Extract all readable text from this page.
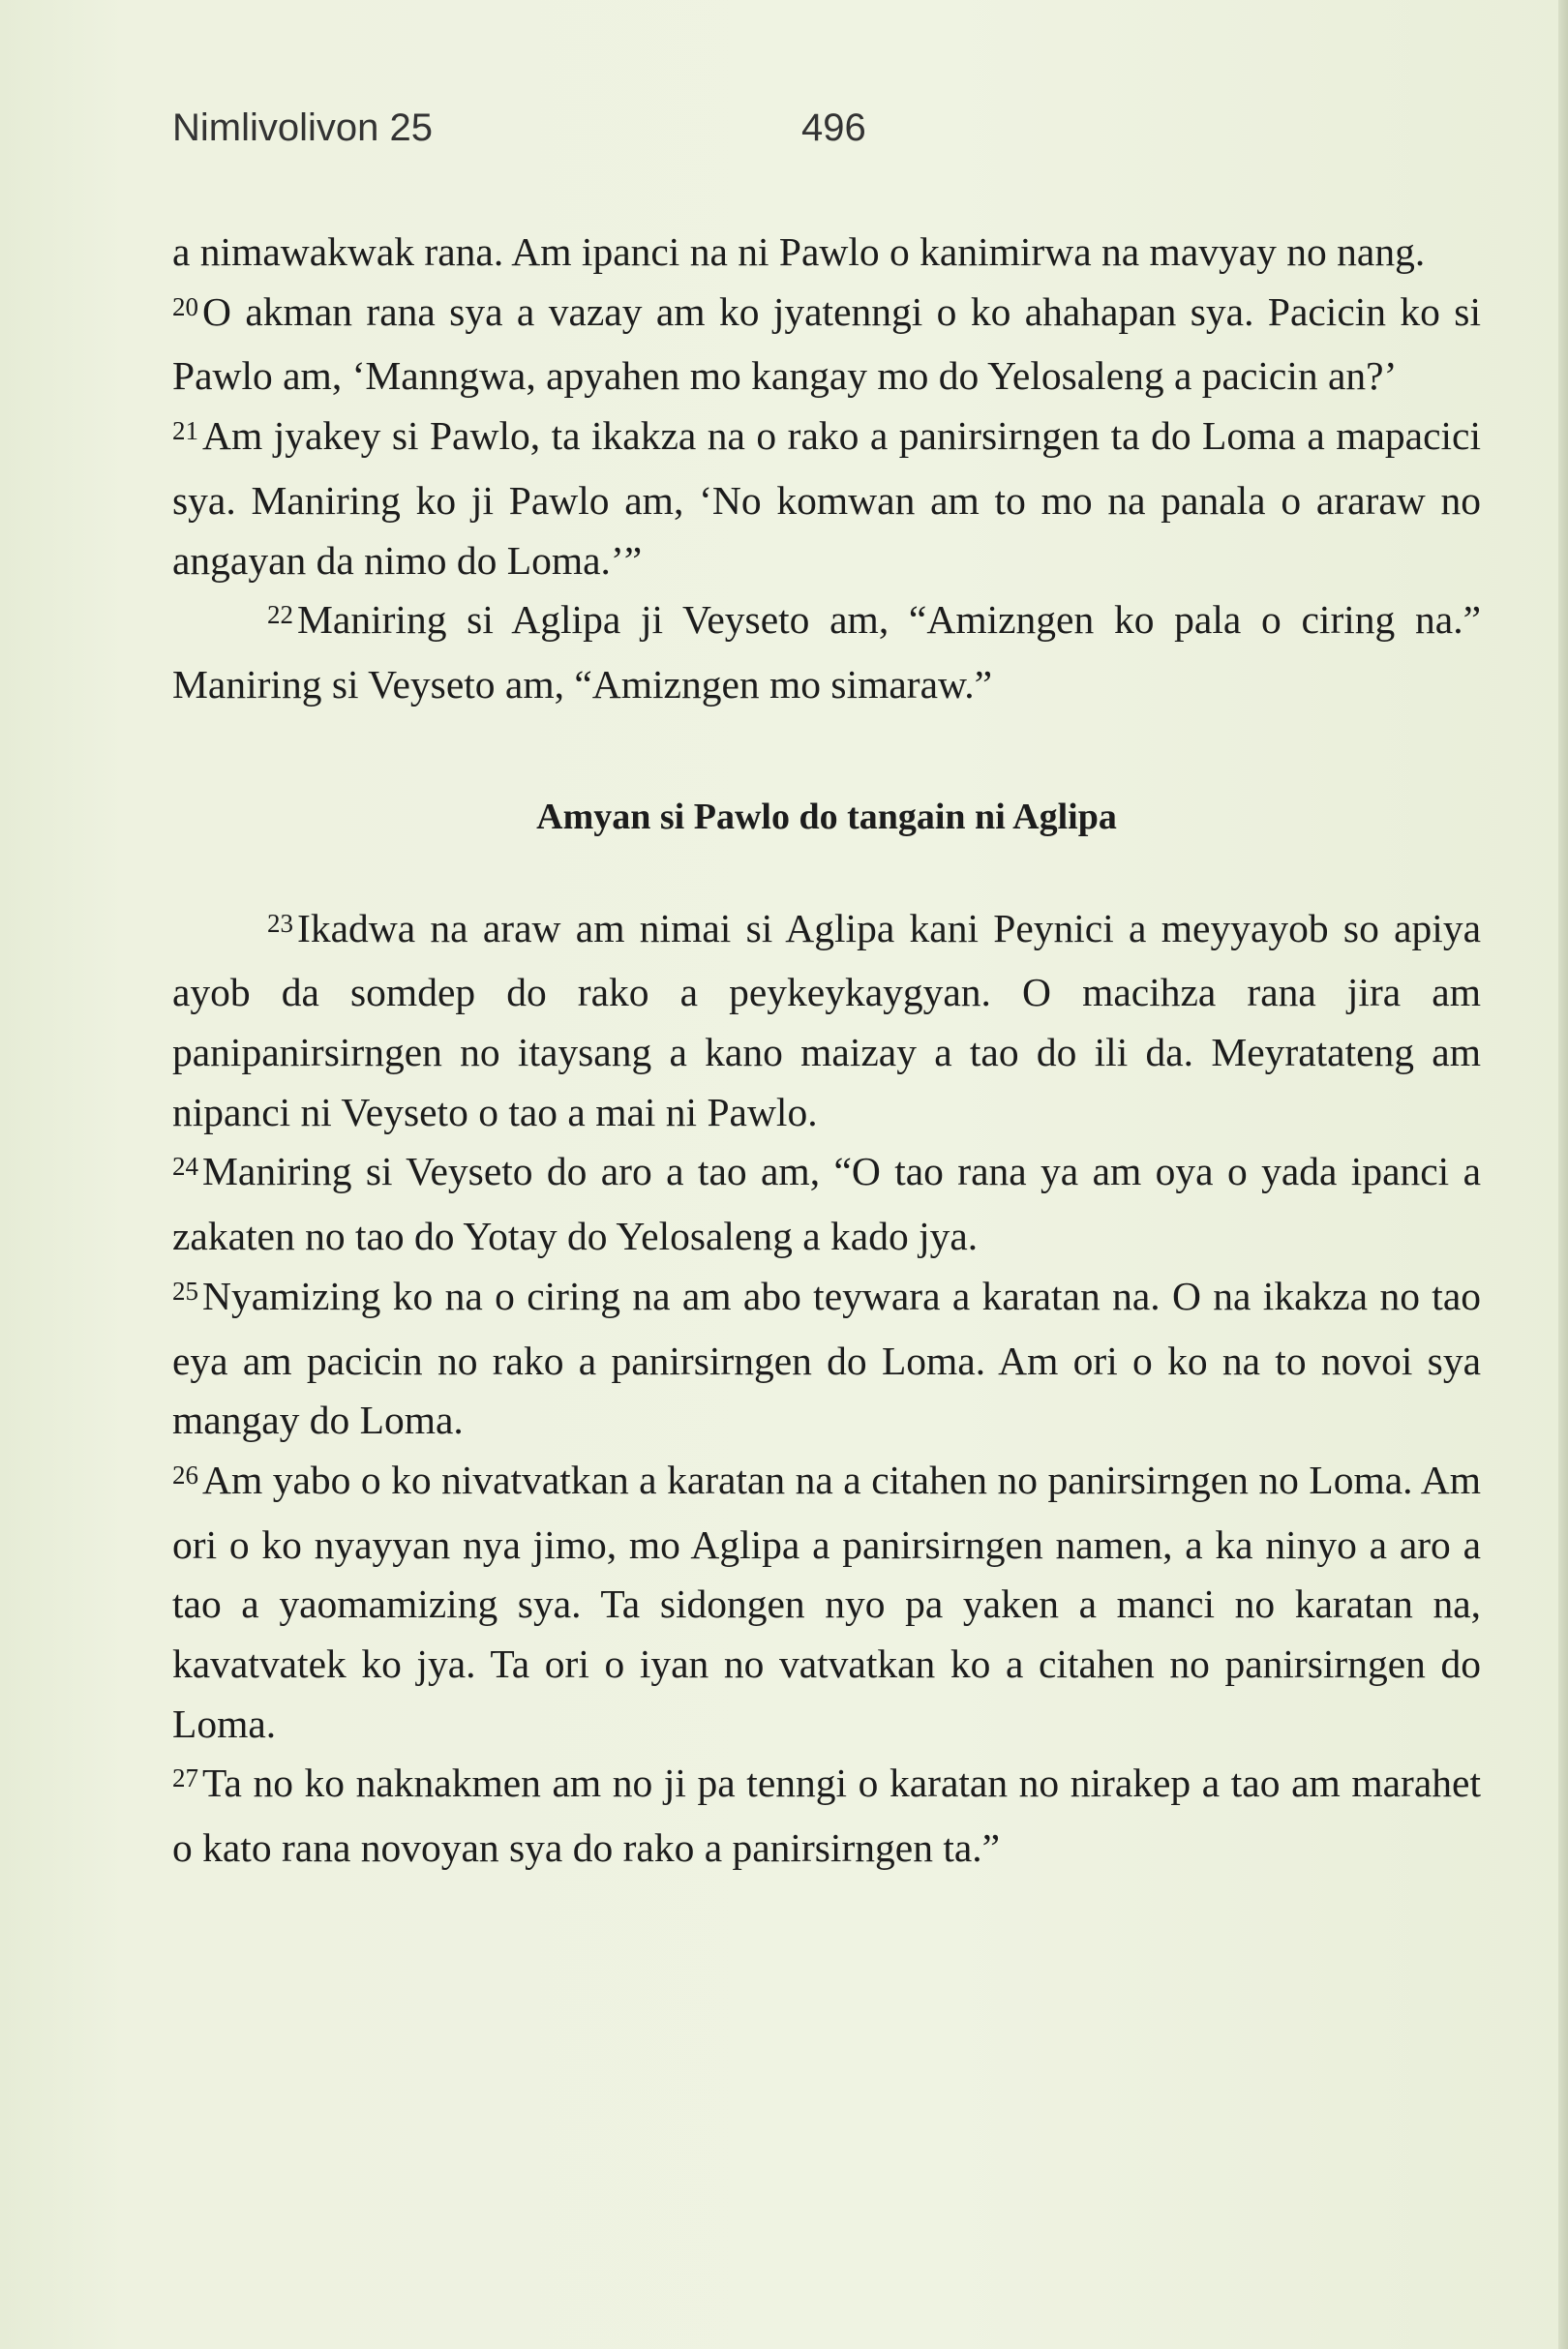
Nimlivolivon 25	496

a nimawakwak rana. Am ipanci na ni Pawlo o kanimirwa na mavyay no nang.

$^{20}$O akman rana sya a vazay am ko jyatenngi o ko ahahapan sya. Pacicin ko si Pawlo am, ‘Manngwa, apyahen mo kangay mo do Yelosaleng a pacicin an?’

$^{21}$Am jyakey si Pawlo, ta ikakza na o rako a panirsirngen ta do Loma a mapacici sya. Maniring ko ji Pawlo am, ‘No komwan am to mo na panala o araraw no angayan da nimo do Loma.’”

$^{22}$Maniring si Aglipa ji Veyseto am, “Amizngen ko pala o ciring na.” Maniring si Veyseto am, “Amizngen mo simaraw.”

Amyan si Pawlo do tangain ni Aglipa

$^{23}$Ikadwa na araw am nimai si Aglipa kani Peynici a meyyayob so apiya ayob da somdep do rako a peykeykaygyan. O macihza rana jira am panipanirsirngen no itaysang a kano maizay a tao do ili da. Meyratateng am nipanci ni Veyseto o tao a mai ni Pawlo.

$^{24}$Maniring si Veyseto do aro a tao am, “O tao rana ya am oya o yada ipanci a zakaten no tao do Yotay do Yelosaleng a kado jya.

$^{25}$Nyamizing ko na o ciring na am abo teywara a karatan na. O na ikakza no tao eya am pacicin no rako a panirsirngen do Loma. Am ori o ko na to novoi sya mangay do Loma.

$^{26}$Am yabo o ko nivatvatkan a karatan na a citahen no panirsirngen no Loma. Am ori o ko nyayyan nya jimo, mo Aglipa a panirsirngen namen, a ka ninyo a aro a tao a yaomamizing sya. Ta sidongen nyo pa yaken a manci no karatan na, kavatvatek ko jya. Ta ori o iyan no vatvatkan ko a citahen no panirsirngen do Loma.

$^{27}$Ta no ko naknakmen am no ji pa tenngi o karatan no nirakep a tao am marahet o kato rana novoyan sya do rako a panirsirngen ta.”
